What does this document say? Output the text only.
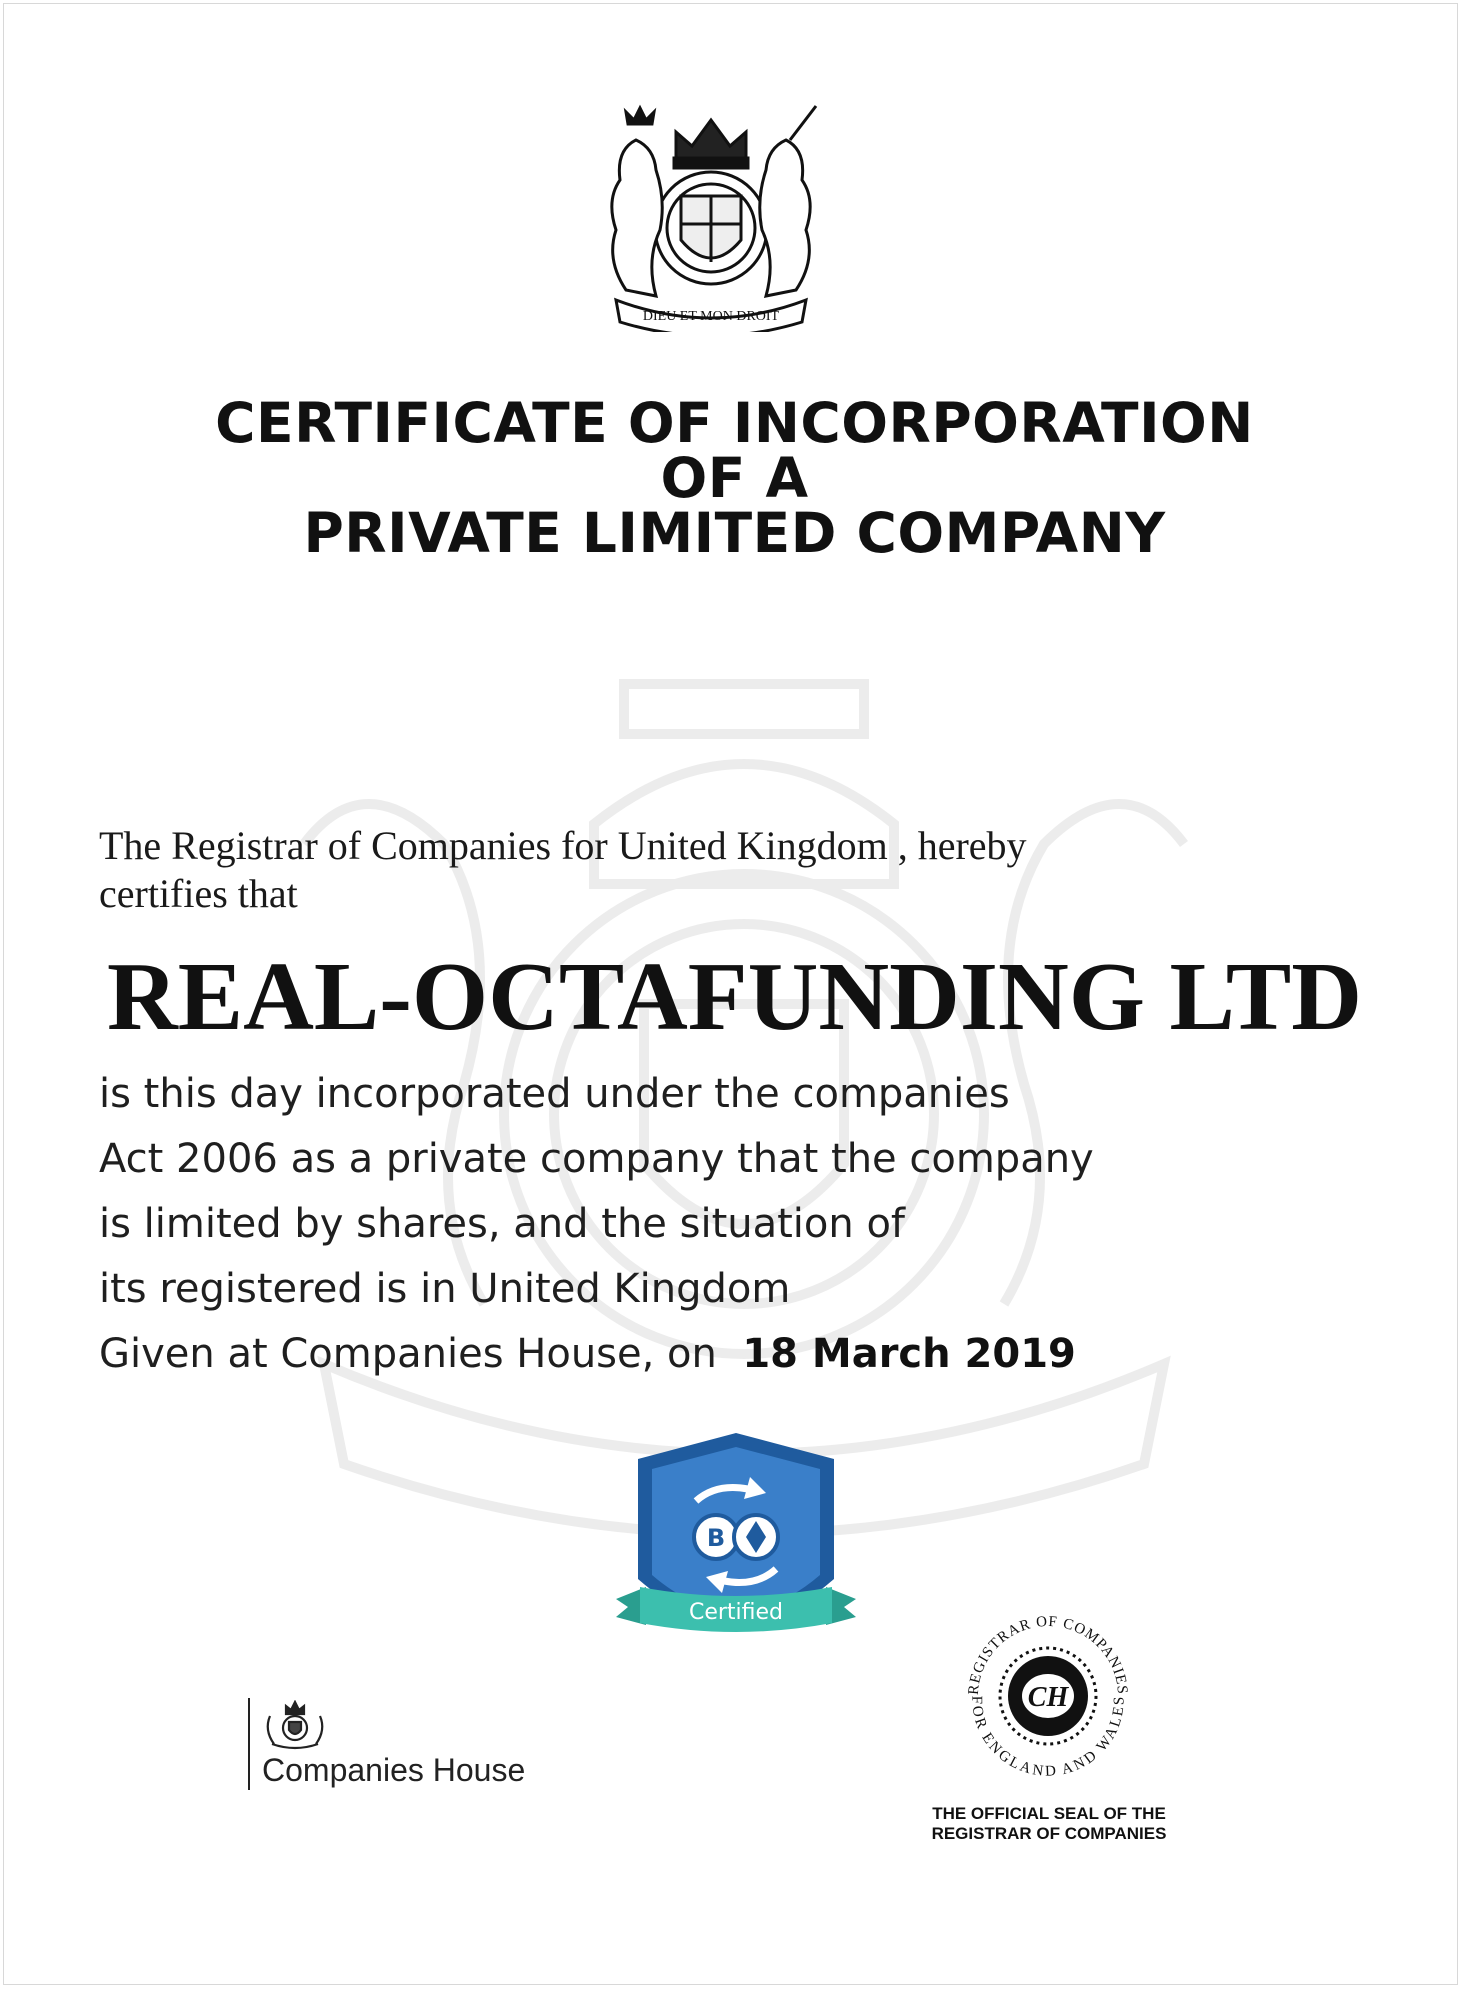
DIEU ET MON DROIT
CERTIFICATE OF INCORPORATION
OF A
PRIVATE LIMITED COMPANY
The Registrar of Companies for United Kingdom , hereby
certifies that
REAL-OCTAFUNDING LTD
is this day incorporated under the companies
Act 2006 as a private company that the company
is limited by shares, and the situation of
its registered is in United Kingdom
Given at Companies House, on 18 March 2019
B
Certified
Companies House
CH
REGISTRAR OF COMPANIES
FOR ENGLAND AND WALES
THE OFFICIAL SEAL OF THE
REGISTRAR OF COMPANIES
